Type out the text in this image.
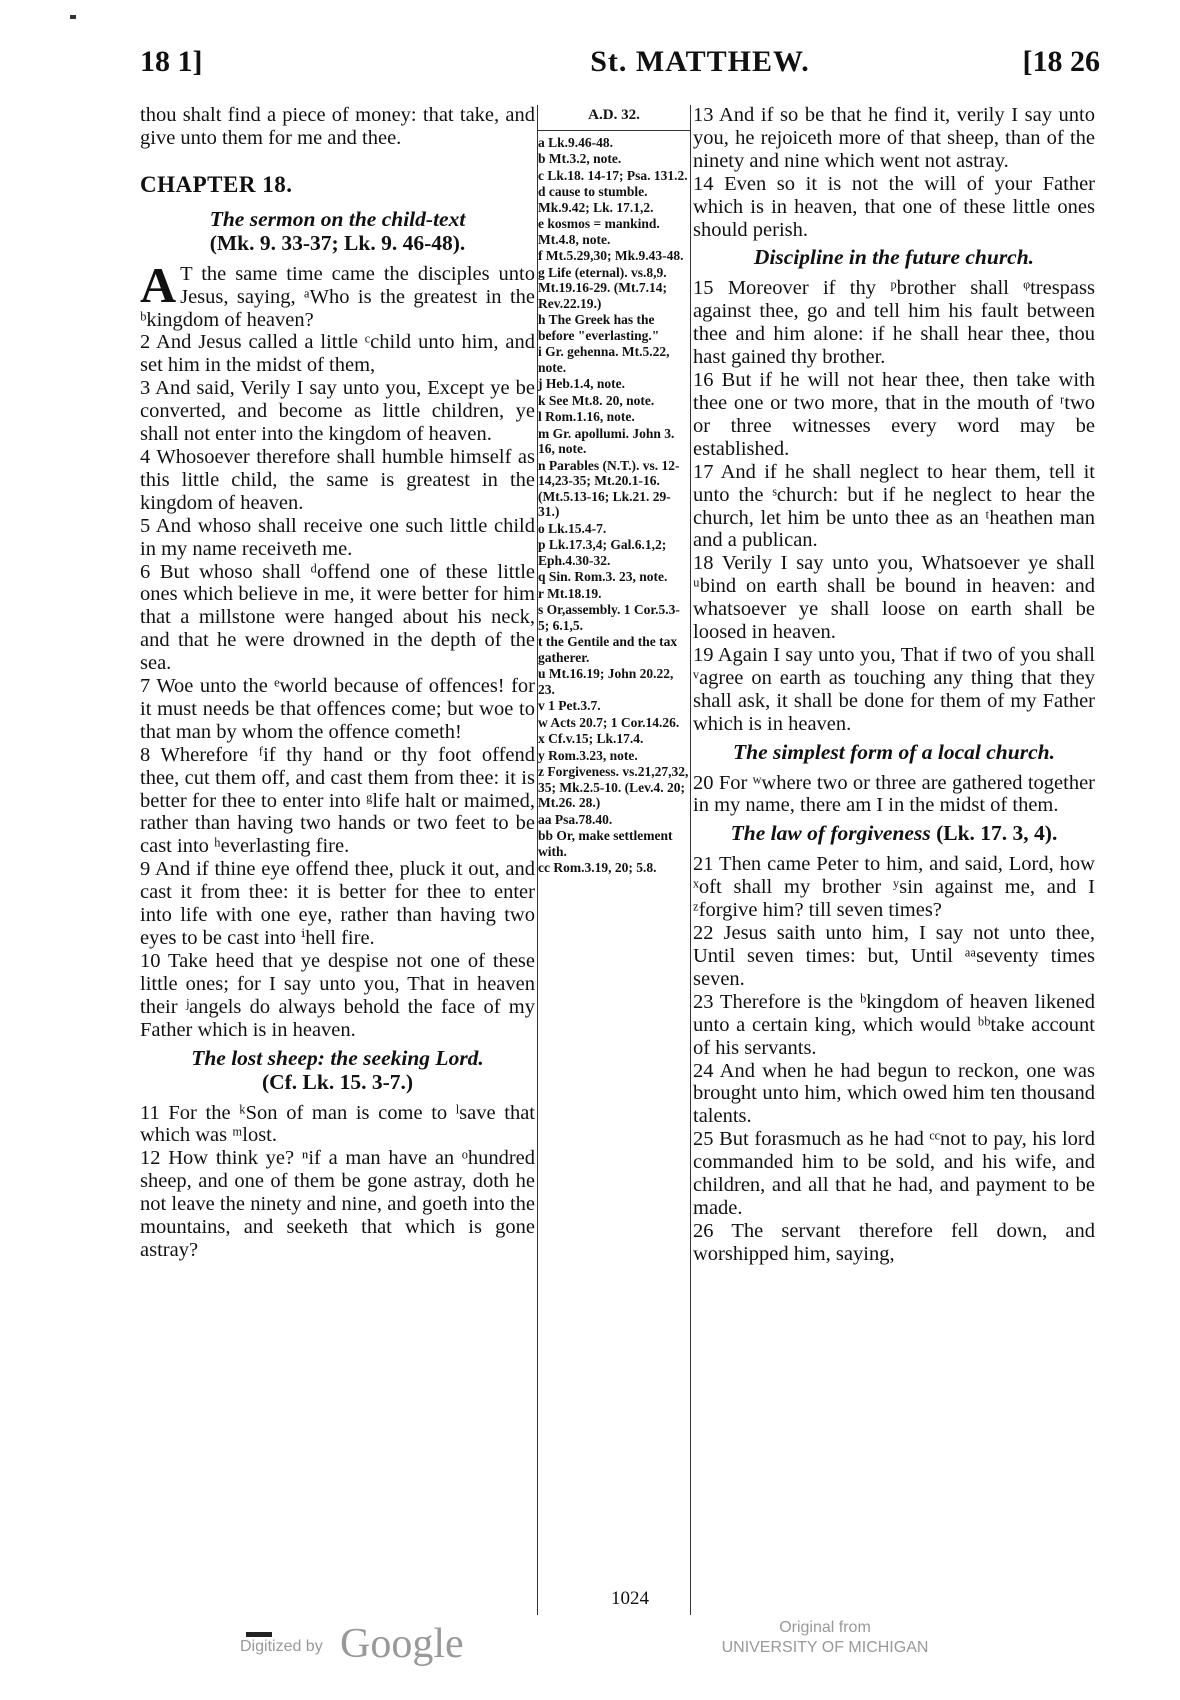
18 1]	St. MATTHEW.	[18 26

thou shalt find a piece of money: that take, and give unto them for me and thee.

CHAPTER 18.

The sermon on the child-text
(Mk. 9. 33-37; Lk. 9. 46-48).

A T the same time came the disciples unto Jesus, saying, ᵃWho is the greatest in the ᵇkingdom of heaven?

2 And Jesus called a little ᶜchild unto him, and set him in the midst of them,

3 And said, Verily I say unto you, Except ye be converted, and become as little children, ye shall not enter into the kingdom of heaven.

4 Whosoever therefore shall humble himself as this little child, the same is greatest in the kingdom of heaven.

5 And whoso shall receive one such little child in my name receiveth me.

6 But whoso shall ᵈoffend one of these little ones which believe in me, it were better for him that a millstone were hanged about his neck, and that he were drowned in the depth of the sea.

7 Woe unto the ᵉworld because of offences! for it must needs be that offences come; but woe to that man by whom the offence cometh!

8 Wherefore ᶠif thy hand or thy foot offend thee, cut them off, and cast them from thee: it is better for thee to enter into ᵍlife halt or maimed, rather than having two hands or two feet to be cast into ʰeverlasting fire.

9 And if thine eye offend thee, pluck it out, and cast it from thee: it is better for thee to enter into life with one eye, rather than having two eyes to be cast into ⁱhell fire.

10 Take heed that ye despise not one of these little ones; for I say unto you, That in heaven their ʲangels do always behold the face of my Father which is in heaven.

The lost sheep: the seeking Lord.
(Cf. Lk. 15. 3-7.)

11 For the ᵏSon of man is come to ˡsave that which was ᵐlost.

12 How think ye? ⁿif a man have an ᵒhundred sheep, and one of them be gone astray, doth he not leave the ninety and nine, and goeth into the mountains, and seeketh that which is gone astray?

A.D. 32.
a Lk.9.46-48.
b Mt.3.2, note.
c Lk.18. 14-17; Psa. 131.2.
d cause to stumble. Mk.9.42; Lk. 17.1,2.
e kosmos = mankind. Mt.4.8, note.
f Mt.5.29,30; Mk.9.43-48.
g Life (eternal). vs.8,9. Mt.19.16-29. (Mt.7.14; Rev.22.19.)
h The Greek has the before "everlasting."
i Gr. gehenna. Mt.5.22, note.
j Heb.1.4, note.
k See Mt.8. 20, note.
l Rom.1.16, note.
m Gr. apollumi. John 3. 16, note.
n Parables (N.T.). vs. 12-14,23-35; Mt.20.1-16. (Mt.5.13-16; Lk.21. 29-31.)
o Lk.15.4-7.
p Lk.17.3,4; Gal.6.1,2; Eph.4.30-32.
q Sin. Rom.3. 23, note.
r Mt.18.19.
s Or,assembly. 1 Cor.5.3-5; 6.1,5.
t the Gentile and the tax gatherer.
u Mt.16.19; John 20.22, 23.
v 1 Pet.3.7.
w Acts 20.7; 1 Cor.14.26.
x Cf.v.15; Lk.17.4.
y Rom.3.23, note.
z Forgiveness. vs.21,27,32, 35; Mk.2.5-10. (Lev.4. 20; Mt.26. 28.)
aa Psa.78.40.
bb Or, make settlement with.
cc Rom.3.19, 20; 5.8.

13 And if so be that he find it, verily I say unto you, he rejoiceth more of that sheep, than of the ninety and nine which went not astray.

14 Even so it is not the will of your Father which is in heaven, that one of these little ones should perish.

Discipline in the future church.

15 Moreover if thy ᵖbrother shall ᵠtrespass against thee, go and tell him his fault between thee and him alone: if he shall hear thee, thou hast gained thy brother.

16 But if he will not hear thee, then take with thee one or two more, that in the mouth of ʳtwo or three witnesses every word may be established.

17 And if he shall neglect to hear them, tell it unto the ˢchurch: but if he neglect to hear the church, let him be unto thee as an ᵗheathen man and a publican.

18 Verily I say unto you, Whatsoever ye shall ᵘbind on earth shall be bound in heaven: and whatsoever ye shall loose on earth shall be loosed in heaven.

19 Again I say unto you, That if two of you shall ᵛagree on earth as touching any thing that they shall ask, it shall be done for them of my Father which is in heaven.

The simplest form of a local church.

20 For ʷwhere two or three are gathered together in my name, there am I in the midst of them.

The law of forgiveness (Lk. 17. 3, 4).

21 Then came Peter to him, and said, Lord, how ˣoft shall my brother ʸsin against me, and I ᶻforgive him? till seven times?

22 Jesus saith unto him, I say not unto thee, Until seven times: but, Until ᵃᵃseventy times seven.

23 Therefore is the ᵇkingdom of heaven likened unto a certain king, which would ᵇᵇtake account of his servants.

24 And when he had begun to reckon, one was brought unto him, which owed him ten thousand talents.

25 But forasmuch as he had ᶜᶜnot to pay, his lord commanded him to be sold, and his wife, and children, and all that he had, and payment to be made.

26 The servant therefore fell down, and worshipped him, saying,

1024
Digitized by Google	Original from
UNIVERSITY OF MICHIGAN
